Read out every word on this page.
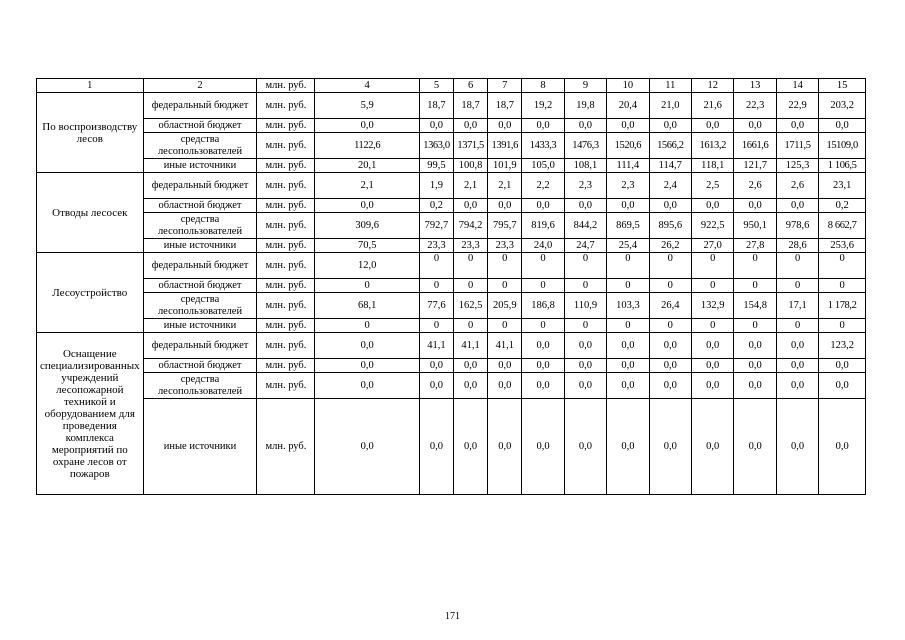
1	2	млн. руб.	4	5	6	7	8	9	10	11	12	13	14	15
По воспроизводству лесов	федеральный бюджет	млн. руб.	5,9	18,7	18,7	18,7	19,2	19,8	20,4	21,0	21,6	22,3	22,9	203,2
	областной бюджет	млн. руб.	0,0	0,0	0,0	0,0	0,0	0,0	0,0	0,0	0,0	0,0	0,0	0,0
	средства лесопользователей	млн. руб.	1122,6	1363,0	1371,5	1391,6	1433,3	1476,3	1520,6	1566,2	1613,2	1661,6	1711,5	15109,0
	иные источники	млн. руб.	20,1	99,5	100,8	101,9	105,0	108,1	111,4	114,7	118,1	121,7	125,3	1 106,5
Отводы лесосек	федеральный бюджет	млн. руб.	2,1	1,9	2,1	2,1	2,2	2,3	2,3	2,4	2,5	2,6	2,6	23,1
	областной бюджет	млн. руб.	0,0	0,2	0,0	0,0	0,0	0,0	0,0	0,0	0,0	0,0	0,0	0,2
	средства лесопользователей	млн. руб.	309,6	792,7	794,2	795,7	819,6	844,2	869,5	895,6	922,5	950,1	978,6	8 662,7
	иные источники	млн. руб.	70,5	23,3	23,3	23,3	24,0	24,7	25,4	26,2	27,0	27,8	28,6	253,6
Лесоустройство	федеральный бюджет	млн. руб.	12,0	0	0	0	0	0	0	0	0	0	0	0
	областной бюджет	млн. руб.	0	0	0	0	0	0	0	0	0	0	0	0
	средства лесопользователей	млн. руб.	68,1	77,6	162,5	205,9	186,8	110,9	103,3	26,4	132,9	154,8	17,1	1 178,2
	иные источники	млн. руб.	0	0	0	0	0	0	0	0	0	0	0	0
Оснащение специализированных учреждений лесопожарной техникой и оборудованием для проведения комплекса мероприятий по охране лесов от пожаров	федеральный бюджет	млн. руб.	0,0	41,1	41,1	41,1	0,0	0,0	0,0	0,0	0,0	0,0	0,0	123,2
	областной бюджет	млн. руб.	0,0	0,0	0,0	0,0	0,0	0,0	0,0	0,0	0,0	0,0	0,0	0,0
	средства лесопользователей	млн. руб.	0,0	0,0	0,0	0,0	0,0	0,0	0,0	0,0	0,0	0,0	0,0	0,0
	иные источники	млн. руб.	0,0	0,0	0,0	0,0	0,0	0,0	0,0	0,0	0,0	0,0	0,0	0,0
171
